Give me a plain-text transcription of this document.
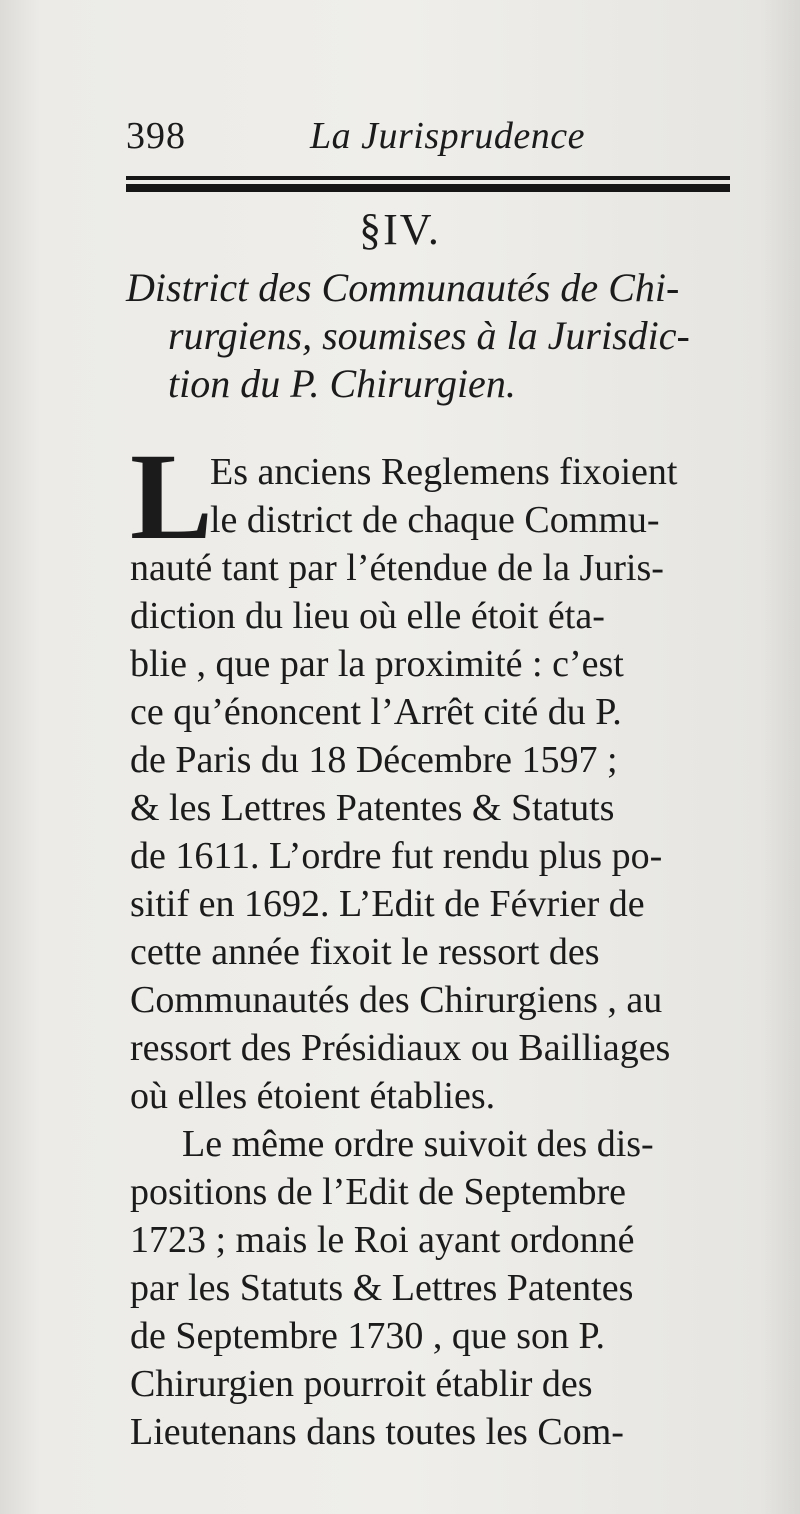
398	La Jurisprudence
§IV.
District des Communautés de Chi-
rurgiens, soumises à la Jurisdic-
tion du P. Chirurgien.
L
Es anciens Reglemens fixoient
le district de chaque Commu-
nauté tant par l’étendue de la Juris-
diction du lieu où elle étoit éta-
blie , que par la proximité : c’est
ce qu’énoncent l’Arrêt cité du P.
de Paris du 18 Décembre 1597 ;
& les Lettres Patentes & Statuts
de 1611. L’ordre fut rendu plus po-
sitif en 1692. L’Edit de Février de
cette année fixoit le ressort des
Communautés des Chirurgiens , au
ressort des Présidiaux ou Bailliages
où elles étoient établies.
Le même ordre suivoit des dis-
positions de l’Edit de Septembre
1723 ; mais le Roi ayant ordonné
par les Statuts & Lettres Patentes
de Septembre 1730 , que son P.
Chirurgien pourroit établir des
Lieutenans dans toutes les Com-
